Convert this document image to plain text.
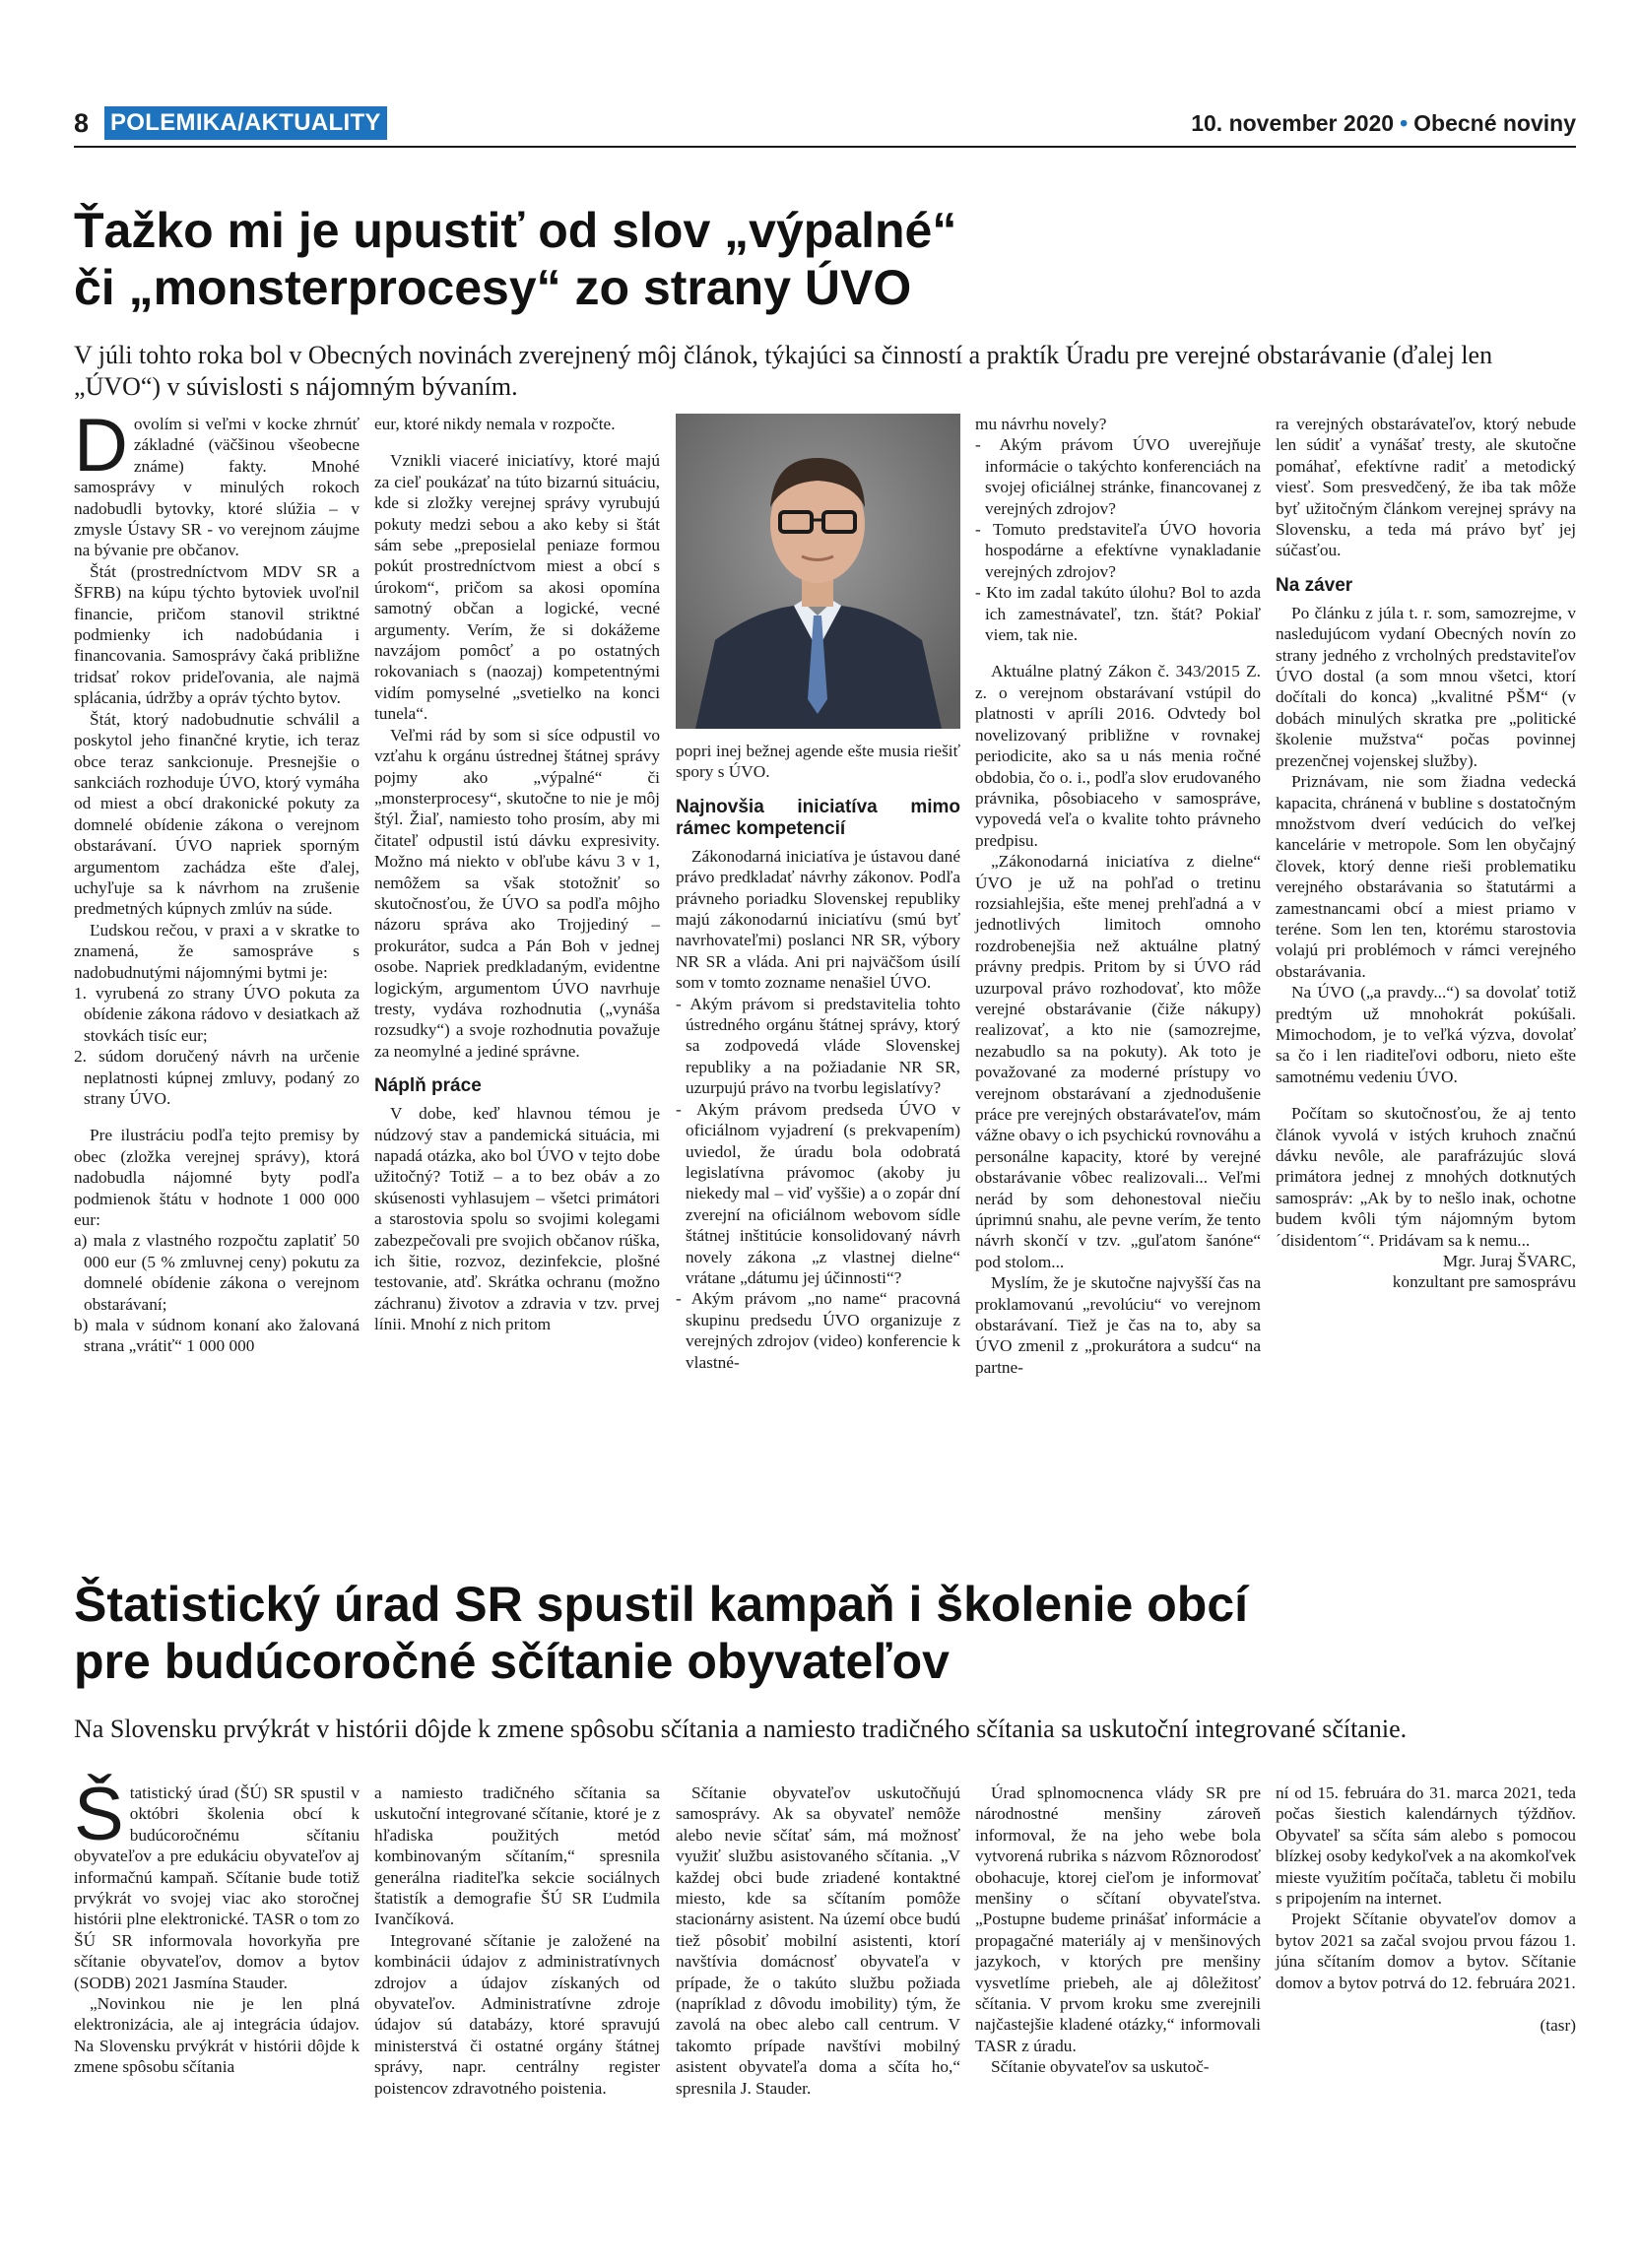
8 POLEMIKA/AKTUALITY	10. november 2020 • Obecné noviny
Ťažko mi je upustiť od slov „výpalné“
či „monsterprocesy“ zo strany ÚVO

V júli tohto roka bol v Obecných novinách zverejnený môj článok, týkajúci sa činností a praktík Úradu pre verejné obstarávanie (ďalej len „ÚVO“) v súvislosti s nájomným bývaním.

Dovolím si veľmi v kocke zhrnúť základné (väčšinou všeobecne známe) fakty. Mnohé samosprávy v minulých rokoch nadobudli bytovky, ktoré slúžia – v zmysle Ústavy SR - vo verejnom záujme na bývanie pre občanov.

Štát (prostredníctvom MDV SR a ŠFRB) na kúpu týchto bytoviek uvoľnil financie, pričom stanovil striktné podmienky ich nadobúdania i financovania. Samosprávy čaká približne tridsať rokov prideľovania, ale najmä splácania, údržby a opráv týchto bytov.

Štát, ktorý nadobudnutie schválil a poskytol jeho finančné krytie, ich teraz obce teraz sankcionuje. Presnejšie o sankciách rozhoduje ÚVO, ktorý vymáha od miest a obcí drakonické pokuty za domnelé obídenie zákona o verejnom obstarávaní. ÚVO napriek sporným argumentom zachádza ešte ďalej, uchyľuje sa k návrhom na zrušenie predmetných kúpnych zmlúv na súde.

Ľudskou rečou, v praxi a v skratke to znamená, že samospráve s nadobudnutými nájomnými bytmi je:

1. vyrubená zo strany ÚVO pokuta za obídenie zákona rádovo v desiatkach až stovkách tisíc eur;
2. súdom doručený návrh na určenie neplatnosti kúpnej zmluvy, podaný zo strany ÚVO.

Pre ilustráciu podľa tejto premisy by obec (zložka verejnej správy), ktorá nadobudla nájomné byty podľa podmienok štátu v hodnote 1 000 000 eur:

a) mala z vlastného rozpočtu zaplatiť 50 000 eur (5 % zmluvnej ceny) pokutu za domnelé obídenie zákona o verejnom obstarávaní;
b) mala v súdnom konaní ako žalovaná strana „vrátiť“ 1 000 000

eur, ktoré nikdy nemala v rozpočte.

Vznikli viaceré iniciatívy, ktoré majú za cieľ poukázať na túto bizarnú situáciu, kde si zložky verejnej správy vyrubujú pokuty medzi sebou a ako keby si štát sám sebe „preposielal peniaze formou pokút prostredníctvom miest a obcí s úrokom“, pričom sa akosi opomína samotný občan a logické, vecné argumenty. Verím, že si dokážeme navzájom pomôcť a po ostatných rokovaniach s (naozaj) kompetentnými vidím pomyselné „svetielko na konci tunela“.

Veľmi rád by som si síce odpustil vo vzťahu k orgánu ústrednej štátnej správy pojmy ako „výpalné“ či „monsterprocesy“, skutočne to nie je môj štýl. Žiaľ, namiesto toho prosím, aby mi čitateľ odpustil istú dávku expresivity. Možno má niekto v obľube kávu 3 v 1, nemôžem sa však stotožniť so skutočnosťou, že ÚVO sa podľa môjho názoru správa ako Trojjediný – prokurátor, sudca a Pán Boh v jednej osobe. Napriek predkladaným, evidentne logickým, argumentom ÚVO navrhuje tresty, vydáva rozhodnutia („vynáša rozsudky“) a svoje rozhodnutia považuje za neomylné a jediné správne.

Náplň práce

V dobe, keď hlavnou témou je núdzový stav a pandemická situácia, mi napadá otázka, ako bol ÚVO v tejto dobe užitočný? Totiž – a to bez obáv a zo skúsenosti vyhlasujem – všetci primátori a starostovia spolu so svojimi kolegami zabezpečovali pre svojich občanov rúška, ich šitie, rozvoz, dezinfekcie, plošné testovanie, atď. Skrátka ochranu (možno záchranu) životov a zdravia v tzv. prvej línii. Mnohí z nich pritom

popri inej bežnej agende ešte musia riešiť spory s ÚVO.

Najnovšia iniciatíva mimo rámec kompetencií

Zákonodarná iniciatíva je ústavou dané právo predkladať návrhy zákonov. Podľa právneho poriadku Slovenskej republiky majú zákonodarnú iniciatívu (smú byť navrhovateľmi) poslanci NR SR, výbory NR SR a vláda. Ani pri najväčšom úsilí som v tomto zozname nenašiel ÚVO.

- Akým právom si predstavitelia tohto ústredného orgánu štátnej správy, ktorý sa zodpovedá vláde Slovenskej republiky a na požiadanie NR SR, uzurpujú právo na tvorbu legislatívy?
- Akým právom predseda ÚVO v oficiálnom vyjadrení (s prekvapením) uviedol, že úradu bola odobratá legislatívna právomoc (akoby ju niekedy mal – viď vyššie) a o zopár dní zverejní na oficiálnom webovom sídle štátnej inštitúcie konsolidovaný návrh novely zákona „z vlastnej dielne“ vrátane „dátumu jej účinnosti“?
- Akým právom „no name“ pracovná skupinu predsedu ÚVO organizuje z verejných zdrojov (video) konferencie k vlastné-

mu návrhu novely?

- Akým právom ÚVO uverejňuje informácie o takýchto konferenciách na svojej oficiálnej stránke, financovanej z verejných zdrojov?
- Tomuto predstaviteľa ÚVO hovoria hospodárne a efektívne vynakladanie verejných zdrojov?
- Kto im zadal takúto úlohu? Bol to azda ich zamestnávateľ, tzn. štát? Pokiaľ viem, tak nie.

Aktuálne platný Zákon č. 343/2015 Z. z. o verejnom obstarávaní vstúpil do platnosti v apríli 2016. Odvtedy bol novelizovaný približne v rovnakej periodicite, ako sa u nás menia ročné obdobia, čo o. i., podľa slov erudovaného právnika, pôsobiaceho v samospráve, vypovedá veľa o kvalite tohto právneho predpisu.

„Zákonodarná iniciatíva z dielne“ ÚVO je už na pohľad o tretinu rozsiahlejšia, ešte menej prehľadná a v jednotlivých limitoch omnoho rozdrobenejšia než aktuálne platný právny predpis. Pritom by si ÚVO rád uzurpoval právo rozhodovať, kto môže verejné obstarávanie (čiže nákupy) realizovať, a kto nie (samozrejme, nezabudlo sa na pokuty). Ak toto je považované za moderné prístupy vo verejnom obstarávaní a zjednodušenie práce pre verejných obstarávateľov, mám vážne obavy o ich psychickú rovnováhu a personálne kapacity, ktoré by verejné obstarávanie vôbec realizovali... Veľmi nerád by som dehonestoval niečiu úprimnú snahu, ale pevne verím, že tento návrh skončí v tzv. „guľatom šanóne“ pod stolom...

Myslím, že je skutočne najvyšší čas na proklamovanú „revolúciu“ vo verejnom obstarávaní. Tiež je čas na to, aby sa ÚVO zmenil z „prokurátora a sudcu“ na partne-

ra verejných obstarávateľov, ktorý nebude len súdiť a vynášať tresty, ale skutočne pomáhať, efektívne radiť a metodický viesť. Som presvedčený, že iba tak môže byť užitočným článkom verejnej správy na Slovensku, a teda má právo byť jej súčasťou.

Na záver

Po článku z júla t. r. som, samozrejme, v nasledujúcom vydaní Obecných novín zo strany jedného z vrcholných predstaviteľov ÚVO dostal (a som mnou všetci, ktorí dočítali do konca) „kvalitné PŠM“ (v dobách minulých skratka pre „politické školenie mužstva“ počas povinnej prezenčnej vojenskej služby).

Priznávam, nie som žiadna vedecká kapacita, chránená v bubline s dostatočným množstvom dverí vedúcich do veľkej kancelárie v metropole. Som len obyčajný človek, ktorý denne rieši problematiku verejného obstarávania so štatutármi a zamestnancami obcí a miest priamo v teréne. Som len ten, ktorému starostovia volajú pri problémoch v rámci verejného obstarávania.

Na ÚVO („a pravdy...“) sa dovolať totiž predtým už mnohokrát pokúšali. Mimochodom, je to veľká výzva, dovolať sa čo i len riaditeľovi odboru, nieto ešte samotnému vedeniu ÚVO.

Počítam so skutočnosťou, že aj tento článok vyvolá v istých kruhoch značnú dávku nevôle, ale parafrázujúc slová primátora jednej z mnohých dotknutých samospráv: „Ak by to nešlo inak, ochotne budem kvôli tým nájomným bytom ´disidentom´“. Pridávam sa k nemu...

Mgr. Juraj ŠVARC,

konzultant pre samosprávu

Štatistický úrad SR spustil kampaň i školenie obcí
pre budúcoročné sčítanie obyvateľov

Na Slovensku prvýkrát v histórii dôjde k zmene spôsobu sčítania a namiesto tradičného sčítania sa uskutoční integrované sčítanie.

Štatistický úrad (ŠÚ) SR spustil v októbri školenia obcí k budúcoročnému sčítaniu obyvateľov a pre edukáciu obyvateľov aj informačnú kampaň. Sčítanie bude totiž prvýkrát vo svojej viac ako storočnej histórii plne elektronické. TASR o tom zo ŠÚ SR informovala hovorkyňa pre sčítanie obyvateľov, domov a bytov (SODB) 2021 Jasmína Stauder.

„Novinkou nie je len plná elektronizácia, ale aj integrácia údajov. Na Slovensku prvýkrát v histórii dôjde k zmene spôsobu sčítania

a namiesto tradičného sčítania sa uskutoční integrované sčítanie, ktoré je z hľadiska použitých metód kombinovaným sčítaním,“ spresnila generálna riaditeľka sekcie sociálnych štatistík a demografie ŠÚ SR Ľudmila Ivančíková.

Integrované sčítanie je založené na kombinácii údajov z administratívnych zdrojov a údajov získaných od obyvateľov. Administratívne zdroje údajov sú databázy, ktoré spravujú ministerstvá či ostatné orgány štátnej správy, napr. centrálny register poistencov zdravotného poistenia.

Sčítanie obyvateľov uskutočňujú samosprávy. Ak sa obyvateľ nemôže alebo nevie sčítať sám, má možnosť využiť službu asistovaného sčítania. „V každej obci bude zriadené kontaktné miesto, kde sa sčítaním pomôže stacionárny asistent. Na území obce budú tiež pôsobiť mobilní asistenti, ktorí navštívia domácnosť obyvateľa v prípade, že o takúto službu požiada (napríklad z dôvodu imobility) tým, že zavolá na obec alebo call centrum. V takomto prípade navštívi mobilný asistent obyvateľa doma a sčíta ho,“ spresnila J. Stauder.

Úrad splnomocnenca vlády SR pre národnostné menšiny zároveň informoval, že na jeho webe bola vytvorená rubrika s názvom Rôznorodosť obohacuje, ktorej cieľom je informovať menšiny o sčítaní obyvateľstva. „Postupne budeme prinášať informácie a propagačné materiály aj v menšinových jazykoch, v ktorých pre menšiny vysvetlíme priebeh, ale aj dôležitosť sčítania. V prvom kroku sme zverejnili najčastejšie kladené otázky,“ informovali TASR z úradu.

Sčítanie obyvateľov sa uskutoč-

ní od 15. februára do 31. marca 2021, teda počas šiestich kalendárnych týždňov. Obyvateľ sa sčíta sám alebo s pomocou blízkej osoby kedykoľvek a na akomkoľvek mieste využitím počítača, tabletu či mobilu s pripojením na internet.

Projekt Sčítanie obyvateľov domov a bytov 2021 sa začal svojou prvou fázou 1. júna sčítaním domov a bytov. Sčítanie domov a bytov potrvá do 12. februára 2021.

(tasr)
